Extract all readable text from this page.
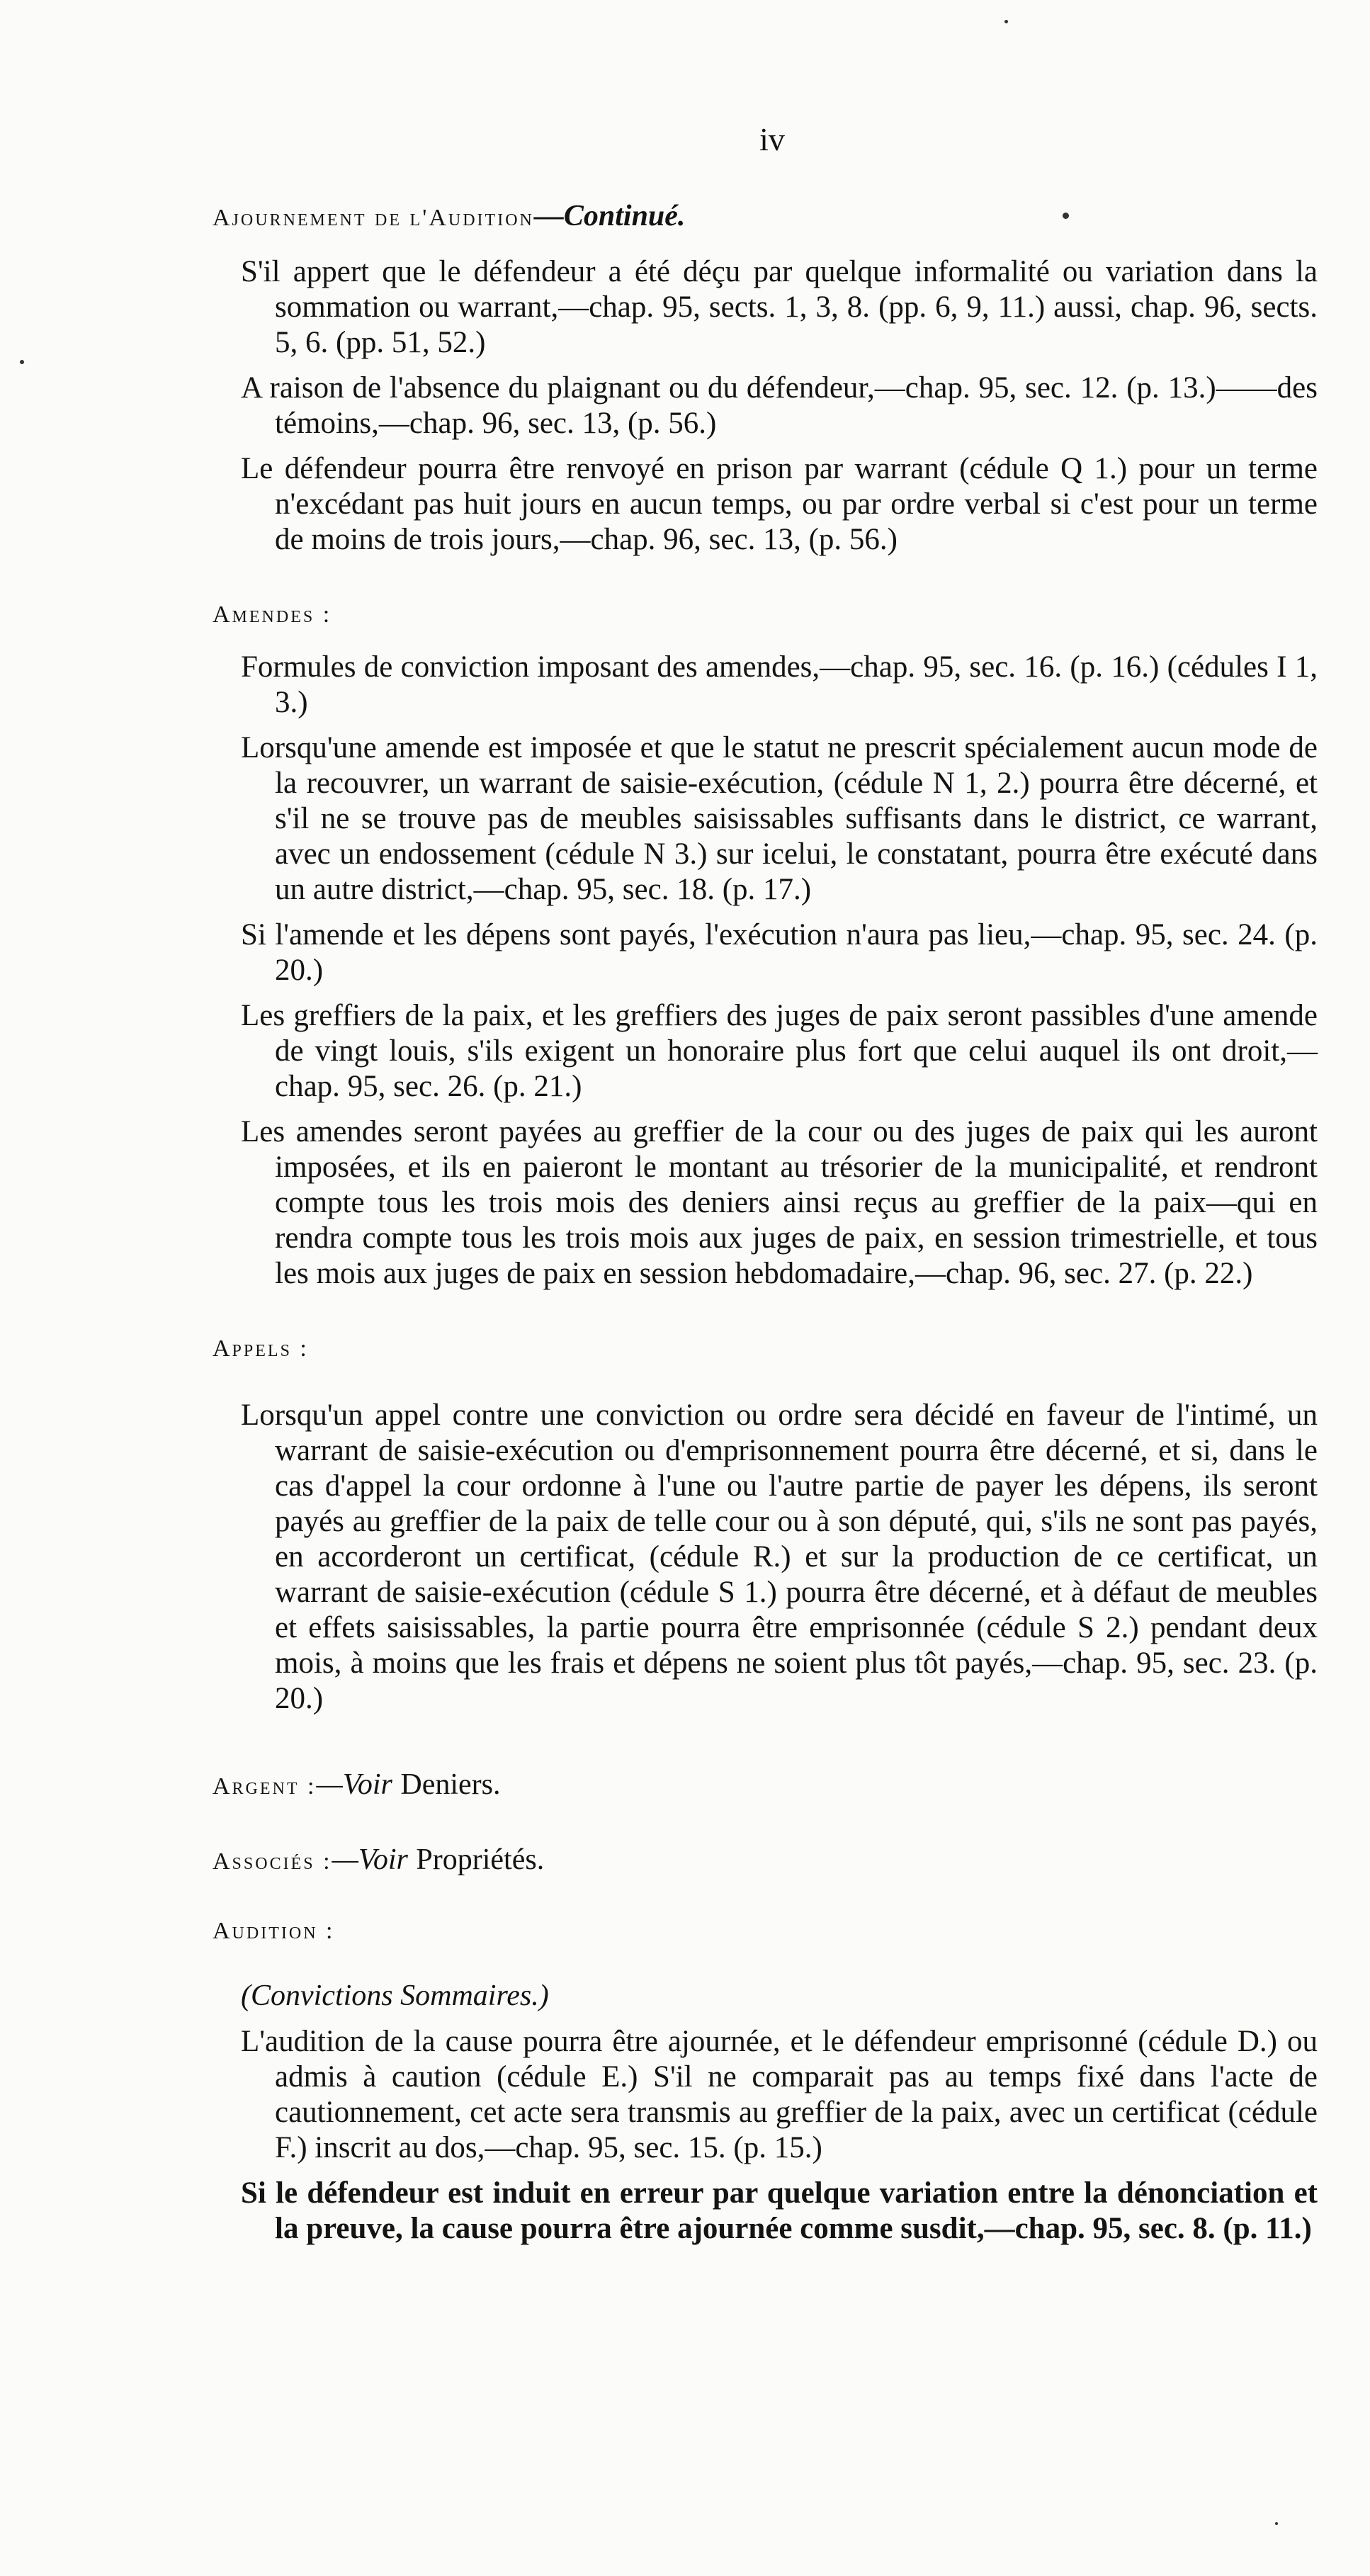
iv
Ajournement de l'Audition—Continué.

S'il appert que le défendeur a été déçu par quelque informalité ou variation dans la sommation ou warrant,—chap. 95, sects. 1, 3, 8. (pp. 6, 9, 11.) aussi, chap. 96, sects. 5, 6. (pp. 51, 52.)

A raison de l'absence du plaignant ou du défendeur,—chap. 95, sec. 12. (p. 13.)——des témoins,—chap. 96, sec. 13, (p. 56.)

Le défendeur pourra être renvoyé en prison par warrant (cédule Q 1.) pour un terme n'excédant pas huit jours en aucun temps, ou par ordre verbal si c'est pour un terme de moins de trois jours,—chap. 96, sec. 13, (p. 56.)

Amendes :

Formules de conviction imposant des amendes,—chap. 95, sec. 16. (p. 16.) (cédules I 1, 3.)

Lorsqu'une amende est imposée et que le statut ne prescrit spécialement aucun mode de la recouvrer, un warrant de saisie-exécution, (cédule N 1, 2.) pourra être décerné, et s'il ne se trouve pas de meubles saisissables suffisants dans le district, ce warrant, avec un endossement (cédule N 3.) sur icelui, le constatant, pourra être exécuté dans un autre district,—chap. 95, sec. 18. (p. 17.)

Si l'amende et les dépens sont payés, l'exécution n'aura pas lieu,—chap. 95, sec. 24. (p. 20.)

Les greffiers de la paix, et les greffiers des juges de paix seront passibles d'une amende de vingt louis, s'ils exigent un honoraire plus fort que celui auquel ils ont droit,—chap. 95, sec. 26. (p. 21.)

Les amendes seront payées au greffier de la cour ou des juges de paix qui les auront imposées, et ils en paieront le montant au trésorier de la municipalité, et rendront compte tous les trois mois des deniers ainsi reçus au greffier de la paix—qui en rendra compte tous les trois mois aux juges de paix, en session trimestrielle, et tous les mois aux juges de paix en session hebdomadaire,—chap. 96, sec. 27. (p. 22.)

Appels :

Lorsqu'un appel contre une conviction ou ordre sera décidé en faveur de l'intimé, un warrant de saisie-exécution ou d'emprisonnement pourra être décerné, et si, dans le cas d'appel la cour ordonne à l'une ou l'autre partie de payer les dépens, ils seront payés au greffier de la paix de telle cour ou à son député, qui, s'ils ne sont pas payés, en accorderont un certificat, (cédule R.) et sur la production de ce certificat, un warrant de saisie-exécution (cédule S 1.) pourra être décerné, et à défaut de meubles et effets saisissables, la partie pourra être emprisonnée (cédule S 2.) pendant deux mois, à moins que les frais et dépens ne soient plus tôt payés,—chap. 95, sec. 23. (p. 20.)

Argent :—Voir Deniers.
Associés :—Voir Propriétés.
Audition :
(Convictions Sommaires.)

L'audition de la cause pourra être ajournée, et le défendeur emprisonné (cédule D.) ou admis à caution (cédule E.) S'il ne comparait pas au temps fixé dans l'acte de cautionnement, cet acte sera transmis au greffier de la paix, avec un certificat (cédule F.) inscrit au dos,—chap. 95, sec. 15. (p. 15.)

Si le défendeur est induit en erreur par quelque variation entre la dénonciation et la preuve, la cause pourra être ajournée comme susdit,—chap. 95, sec. 8. (p. 11.)
